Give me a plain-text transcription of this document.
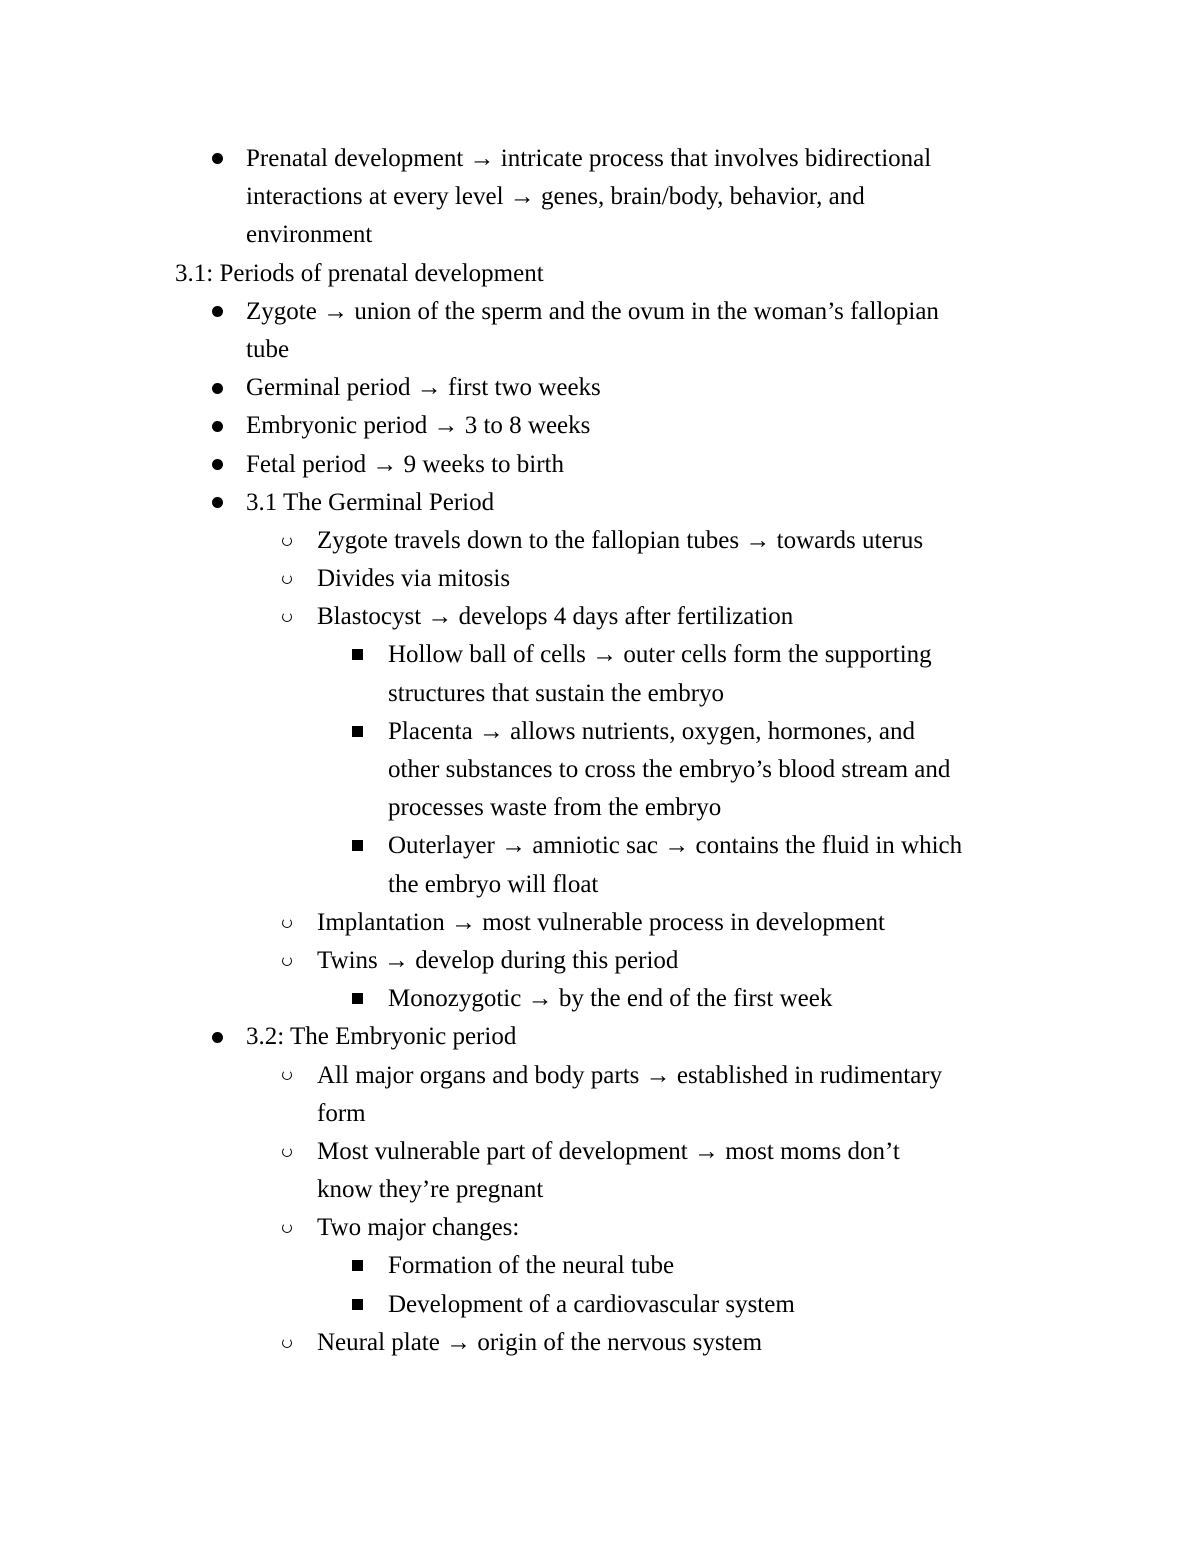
Prenatal development → intricate process that involves bidirectional
interactions at every level → genes, brain/body, behavior, and
environment
3.1: Periods of prenatal development
Zygote → union of the sperm and the ovum in the woman’s fallopian
tube
Germinal period → first two weeks
Embryonic period → 3 to 8 weeks
Fetal period → 9 weeks to birth
3.1 The Germinal Period
Zygote travels down to the fallopian tubes → towards uterus
Divides via mitosis
Blastocyst → develops 4 days after fertilization
Hollow ball of cells → outer cells form the supporting
structures that sustain the embryo
Placenta → allows nutrients, oxygen, hormones, and
other substances to cross the embryo’s blood stream and
processes waste from the embryo
Outerlayer → amniotic sac → contains the fluid in which
the embryo will float
Implantation → most vulnerable process in development
Twins → develop during this period
Monozygotic → by the end of the first week
3.2: The Embryonic period
All major organs and body parts → established in rudimentary
form
Most vulnerable part of development → most moms don’t
know they’re pregnant
Two major changes:
Formation of the neural tube
Development of a cardiovascular system
Neural plate → origin of the nervous system
